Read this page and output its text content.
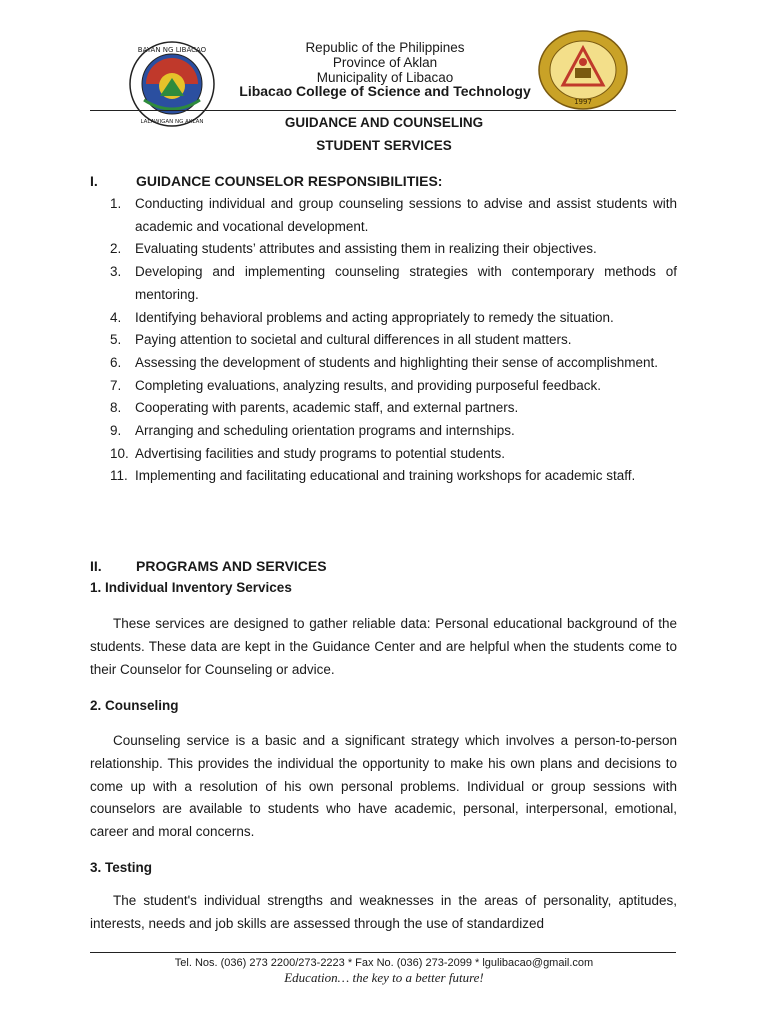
BAYAN NG LIBACAO
LALAWIGAN NG AKLAN
Republic of the Philippines
Province of Aklan
Municipality of Libacao
Libacao College of Science and Technology
1997
GUIDANCE AND COUNSELING
STUDENT SERVICES
I.	GUIDANCE COUNSELOR RESPONSIBILITIES:
1. Conducting individual and group counseling sessions to advise and assist students with academic and vocational development.
2. Evaluating students’ attributes and assisting them in realizing their objectives.
3. Developing and implementing counseling strategies with contemporary methods of mentoring.
4. Identifying behavioral problems and acting appropriately to remedy the situation.
5. Paying attention to societal and cultural differences in all student matters.
6. Assessing the development of students and highlighting their sense of accomplishment.
7. Completing evaluations, analyzing results, and providing purposeful feedback.
8. Cooperating with parents, academic staff, and external partners.
9. Arranging and scheduling orientation programs and internships.
10. Advertising facilities and study programs to potential students.
11. Implementing and facilitating educational and training workshops for academic staff.
II. PROGRAMS AND SERVICES
1. Individual Inventory Services
These services are designed to gather reliable data: Personal educational background of the students. These data are kept in the Guidance Center and are helpful when the students come to their Counselor for Counseling or advice.
2. Counseling
Counseling service is a basic and a significant strategy which involves a person-to-person relationship. This provides the individual the opportunity to make his own plans and decisions to come up with a resolution of his own personal problems. Individual or group sessions with counselors are available to students who have academic, personal, interpersonal, emotional, career and moral concerns.
3. Testing
The student's individual strengths and weaknesses in the areas of personality, aptitudes, interests, needs and job skills are assessed through the use of standardized
Tel. Nos. (036) 273 2200/273-2223 * Fax No. (036) 273-2099 * lgulibacao@gmail.com
Education… the key to a better future!
